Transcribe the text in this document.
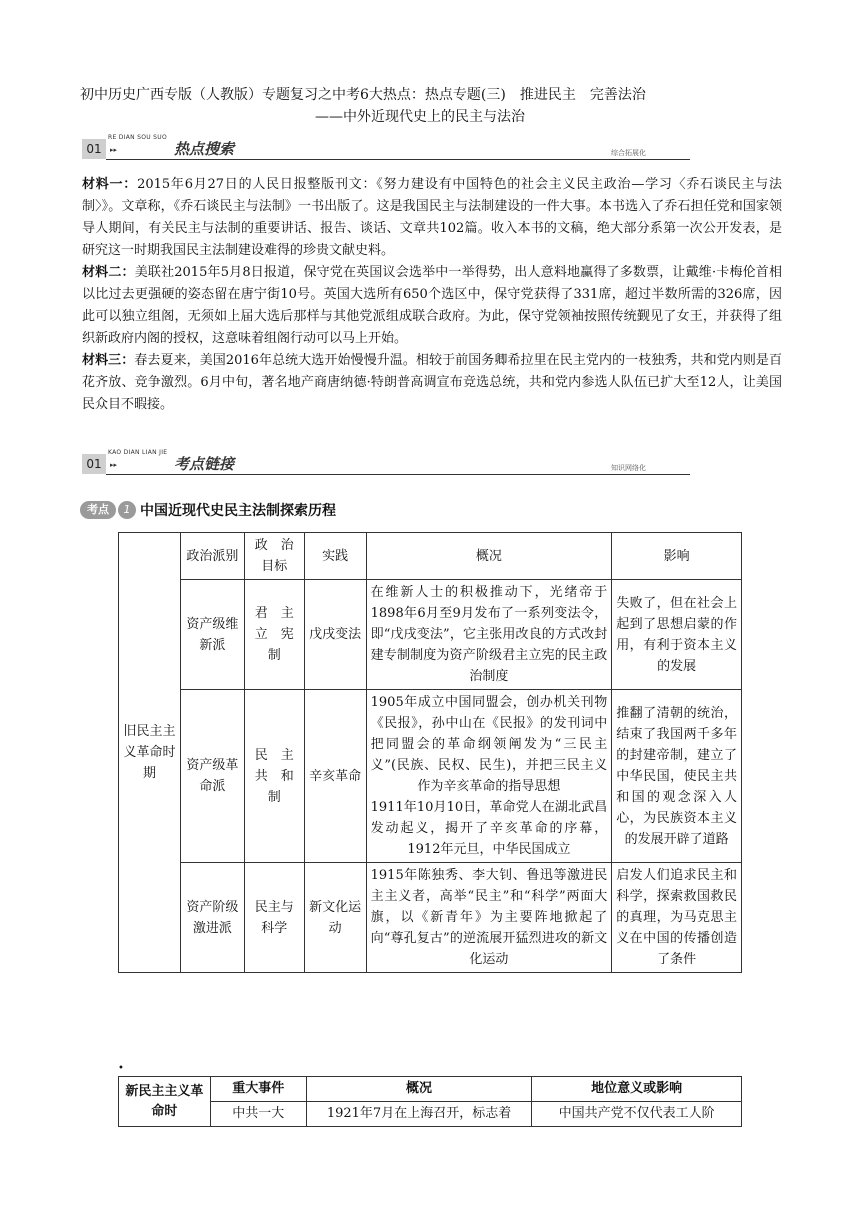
初中历史广西专版（人教版）专题复习之中考6大热点：热点专题(三)　推进民主　完善法治
——中外近现代史上的民主与法治
01
RE DIAN SOU SUO
▸▸	热点搜索	综合拓展化

材料一：2015年6月27日的人民日报整版刊文：《努力建设有中国特色的社会主义民主政治—学习〈乔石谈民主与法制〉》。文章称，《乔石谈民主与法制》一书出版了。这是我国民主与法制建设的一件大事。本书选入了乔石担任党和国家领导人期间，有关民主与法制的重要讲话、报告、谈话、文章共102篇。收入本书的文稿，绝大部分系第一次公开发表，是研究这一时期我国民主法制建设难得的珍贵文献史料。

材料二：美联社2015年5月8日报道，保守党在英国议会选举中一举得势，出人意料地赢得了多数票，让戴维·卡梅伦首相以比过去更强硬的姿态留在唐宁街10号。英国大选所有650个选区中，保守党获得了331席，超过半数所需的326席，因此可以独立组阁，无须如上届大选后那样与其他党派组成联合政府。为此，保守党领袖按照传统觐见了女王，并获得了组织新政府内阁的授权，这意味着组阁行动可以马上开始。

材料三：春去夏来，美国2016年总统大选开始慢慢升温。相较于前国务卿希拉里在民主党内的一枝独秀，共和党内则是百花齐放、竞争激烈。6月中旬，著名地产商唐纳德·特朗普高调宣布竞选总统，共和党内参选人队伍已扩大至12人，让美国民众目不暇接。

01
KAO DIAN LIAN JIE
▸▸	考点链接	知识网络化
考点	1 中国近现代史民主法制探索历程
旧民主主义革命时期	政治派别	政　治目标	实践	概况	影响
	资产级维新派	君　主立　宪制	戊戌变法	在维新人士的积极推动下，光绪帝于1898年6月至9月发布了一系列变法令，即“戊戌变法”，它主张用改良的方式改封建专制制度为资产阶级君主立宪的民主政治制度	失败了，但在社会上起到了思想启蒙的作用，有利于资本主义的发展
	资产级革命派	民　主共　和制	辛亥革命	1905年成立中国同盟会，创办机关刊物《民报》，孙中山在《民报》的发刊词中把同盟会的革命纲领阐发为“三民主义”(民族、民权、民生)，并把三民主义作为辛亥革命的指导思想
1911年10月10日，革命党人在湖北武昌发动起义，揭开了辛亥革命的序幕，1912年元旦，中华民国成立	推翻了清朝的统治，结束了我国两千多年的封建帝制，建立了中华民国，使民主共和国的观念深入人心，为民族资本主义的发展开辟了道路
	资产阶级激进派	民主与科学	新文化运动	1915年陈独秀、李大钊、鲁迅等激进民主主义者，高举“民主”和“科学”两面大旗，以《新青年》为主要阵地掀起了向“尊孔复古”的逆流展开猛烈进攻的新文化运动	启发人们追求民主和科学，探索救国救民的真理，为马克思主义在中国的传播创造了条件
•
新民主主义革命时	重大事件	概况	地位意义或影响
	中共一大	1921年7月在上海召开，标志着	中国共产党不仅代表工人阶
